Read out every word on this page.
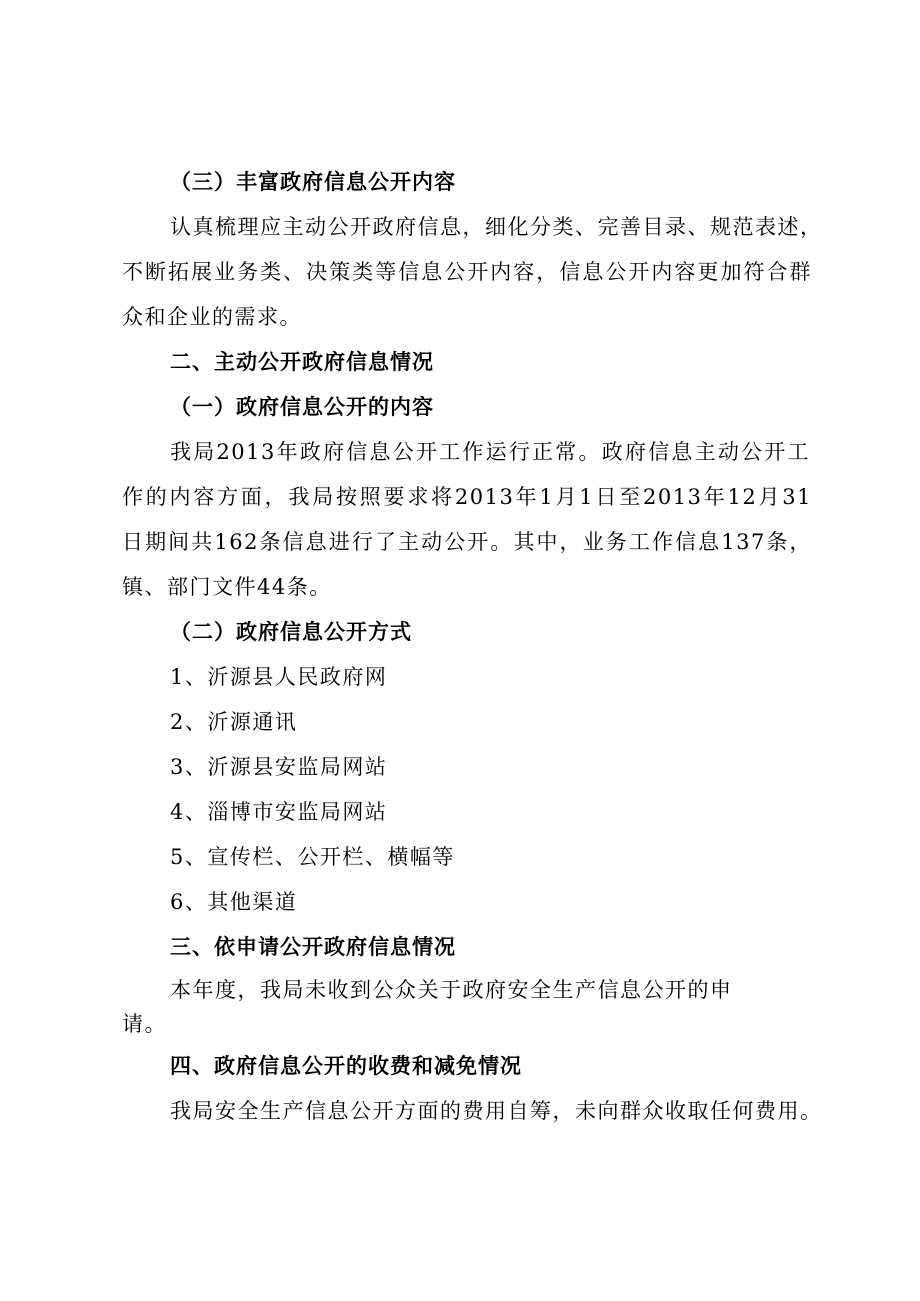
（三）丰富政府信息公开内容
认真梳理应主动公开政府信息，细化分类、完善目录、规范表述，
不断拓展业务类、决策类等信息公开内容，信息公开内容更加符合群
众和企业的需求。
二、主动公开政府信息情况
（一）政府信息公开的内容
我局2013年政府信息公开工作运行正常。政府信息主动公开工
作的内容方面，我局按照要求将2013年1月1日至2013年12月31
日期间共162条信息进行了主动公开。其中，业务工作信息137条，
镇、部门文件44条。
（二）政府信息公开方式
1、沂源县人民政府网
2、沂源通讯
3、沂源县安监局网站
4、淄博市安监局网站
5、宣传栏、公开栏、横幅等
6、其他渠道
三、依申请公开政府信息情况
本年度，我局未收到公众关于政府安全生产信息公开的申
请。
四、政府信息公开的收费和减免情况
我局安全生产信息公开方面的费用自筹，未向群众收取任何费用。
